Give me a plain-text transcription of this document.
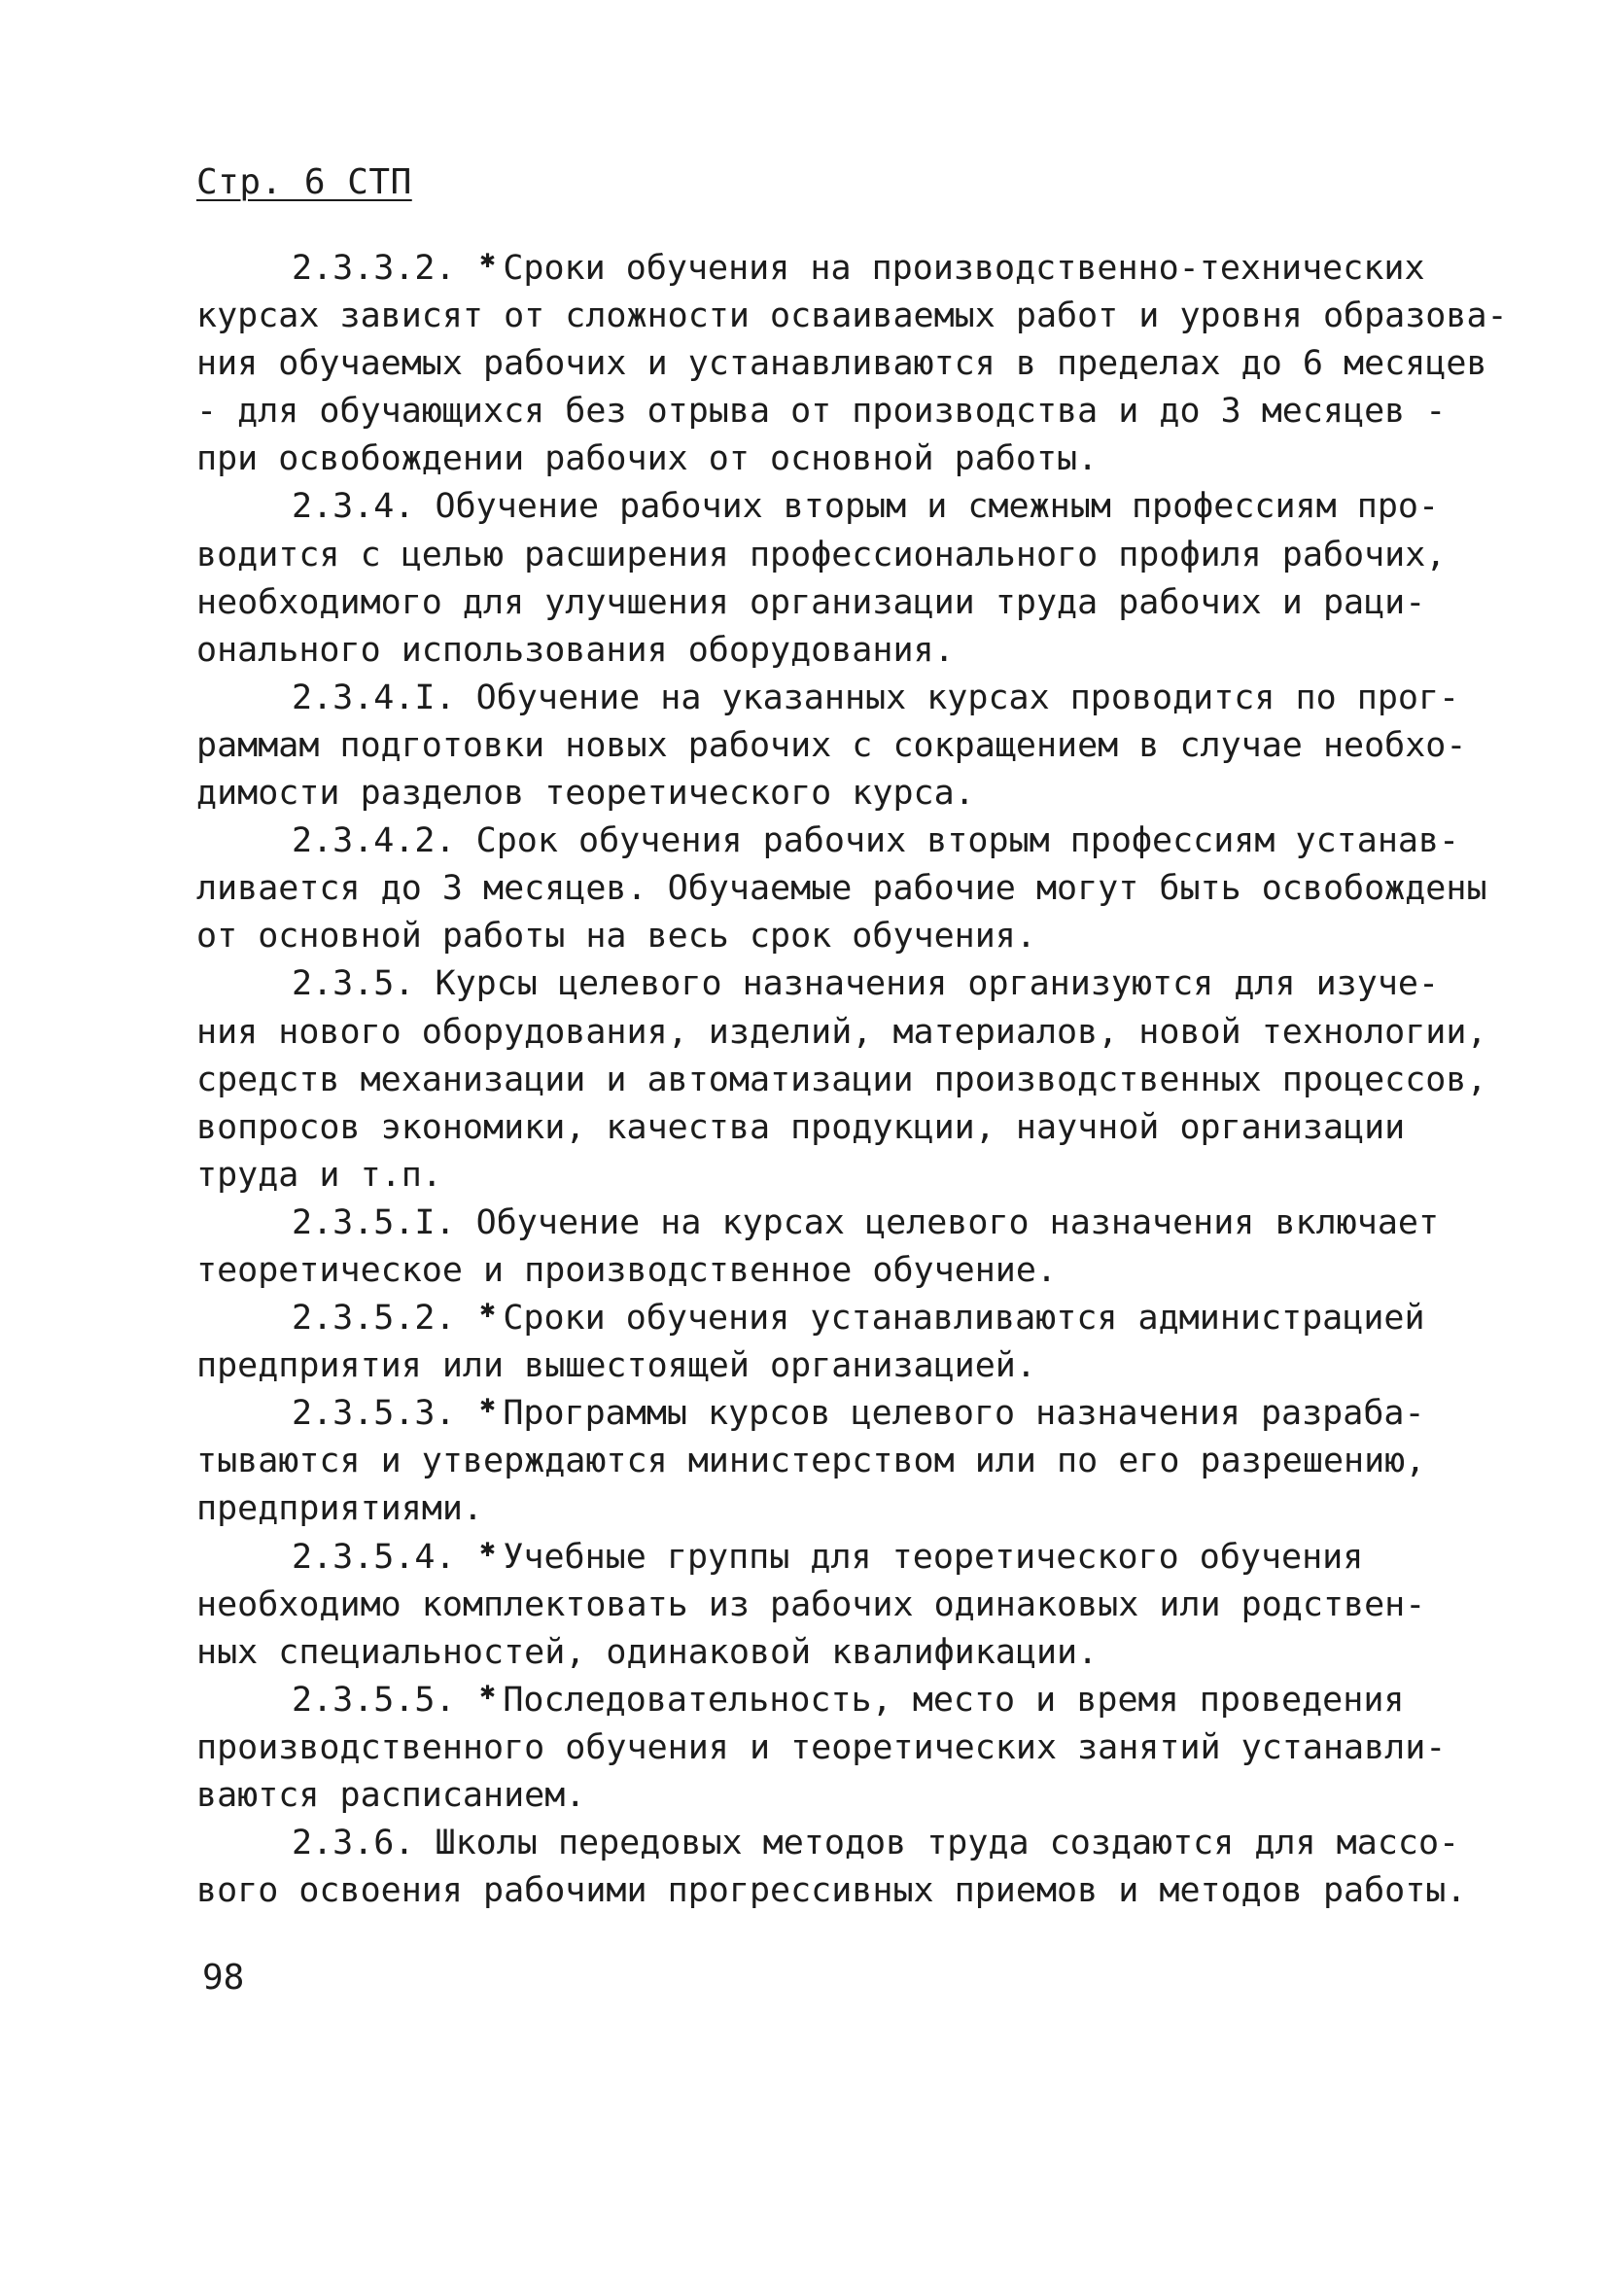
Стр. 6 СТП
2.3.3.2. ✱ Сроки обучения на производственно-технических
курсах зависят от сложности осваиваемых работ и уровня образова-
ния обучаемых рабочих и устанавливаются в пределах до 6 месяцев
- для обучающихся без отрыва от производства и до 3 месяцев -
при освобождении рабочих от основной работы.
2.3.4. Обучение рабочих вторым и смежным профессиям про-
водится с целью расширения профессионального профиля рабочих,
необходимого для улучшения организации труда рабочих и раци-
онального использования оборудования.
2.3.4.I. Обучение на указанных курсах проводится по прог-
раммам подготовки новых рабочих с сокращением в случае необхо-
димости разделов теоретического курса.
2.3.4.2. Срок обучения рабочих вторым профессиям устанав-
ливается до 3 месяцев. Обучаемые рабочие могут быть освобождены
от основной работы на весь срок обучения.
2.3.5. Курсы целевого назначения организуются для изуче-
ния нового оборудования, изделий, материалов, новой технологии,
средств механизации и автоматизации производственных процессов,
вопросов экономики, качества продукции, научной организации
труда и т.п.
2.3.5.I. Обучение на курсах целевого назначения включает
теоретическое и производственное обучение.
2.3.5.2. ✱ Сроки обучения устанавливаются администрацией
предприятия или вышестоящей организацией.
2.3.5.3. ✱ Программы курсов целевого назначения разраба-
тываются и утверждаются министерством или по его разрешению,
предприятиями.
2.3.5.4. ✱ Учебные группы для теоретического обучения
необходимо комплектовать из рабочих одинаковых или родствен-
ных специальностей, одинаковой квалификации.
2.3.5.5. ✱ Последовательность, место и время проведения
производственного обучения и теоретических занятий устанавли-
ваются расписанием.
2.3.6. Школы передовых методов труда создаются для массо-
вого освоения рабочими прогрессивных приемов и методов работы.
98
